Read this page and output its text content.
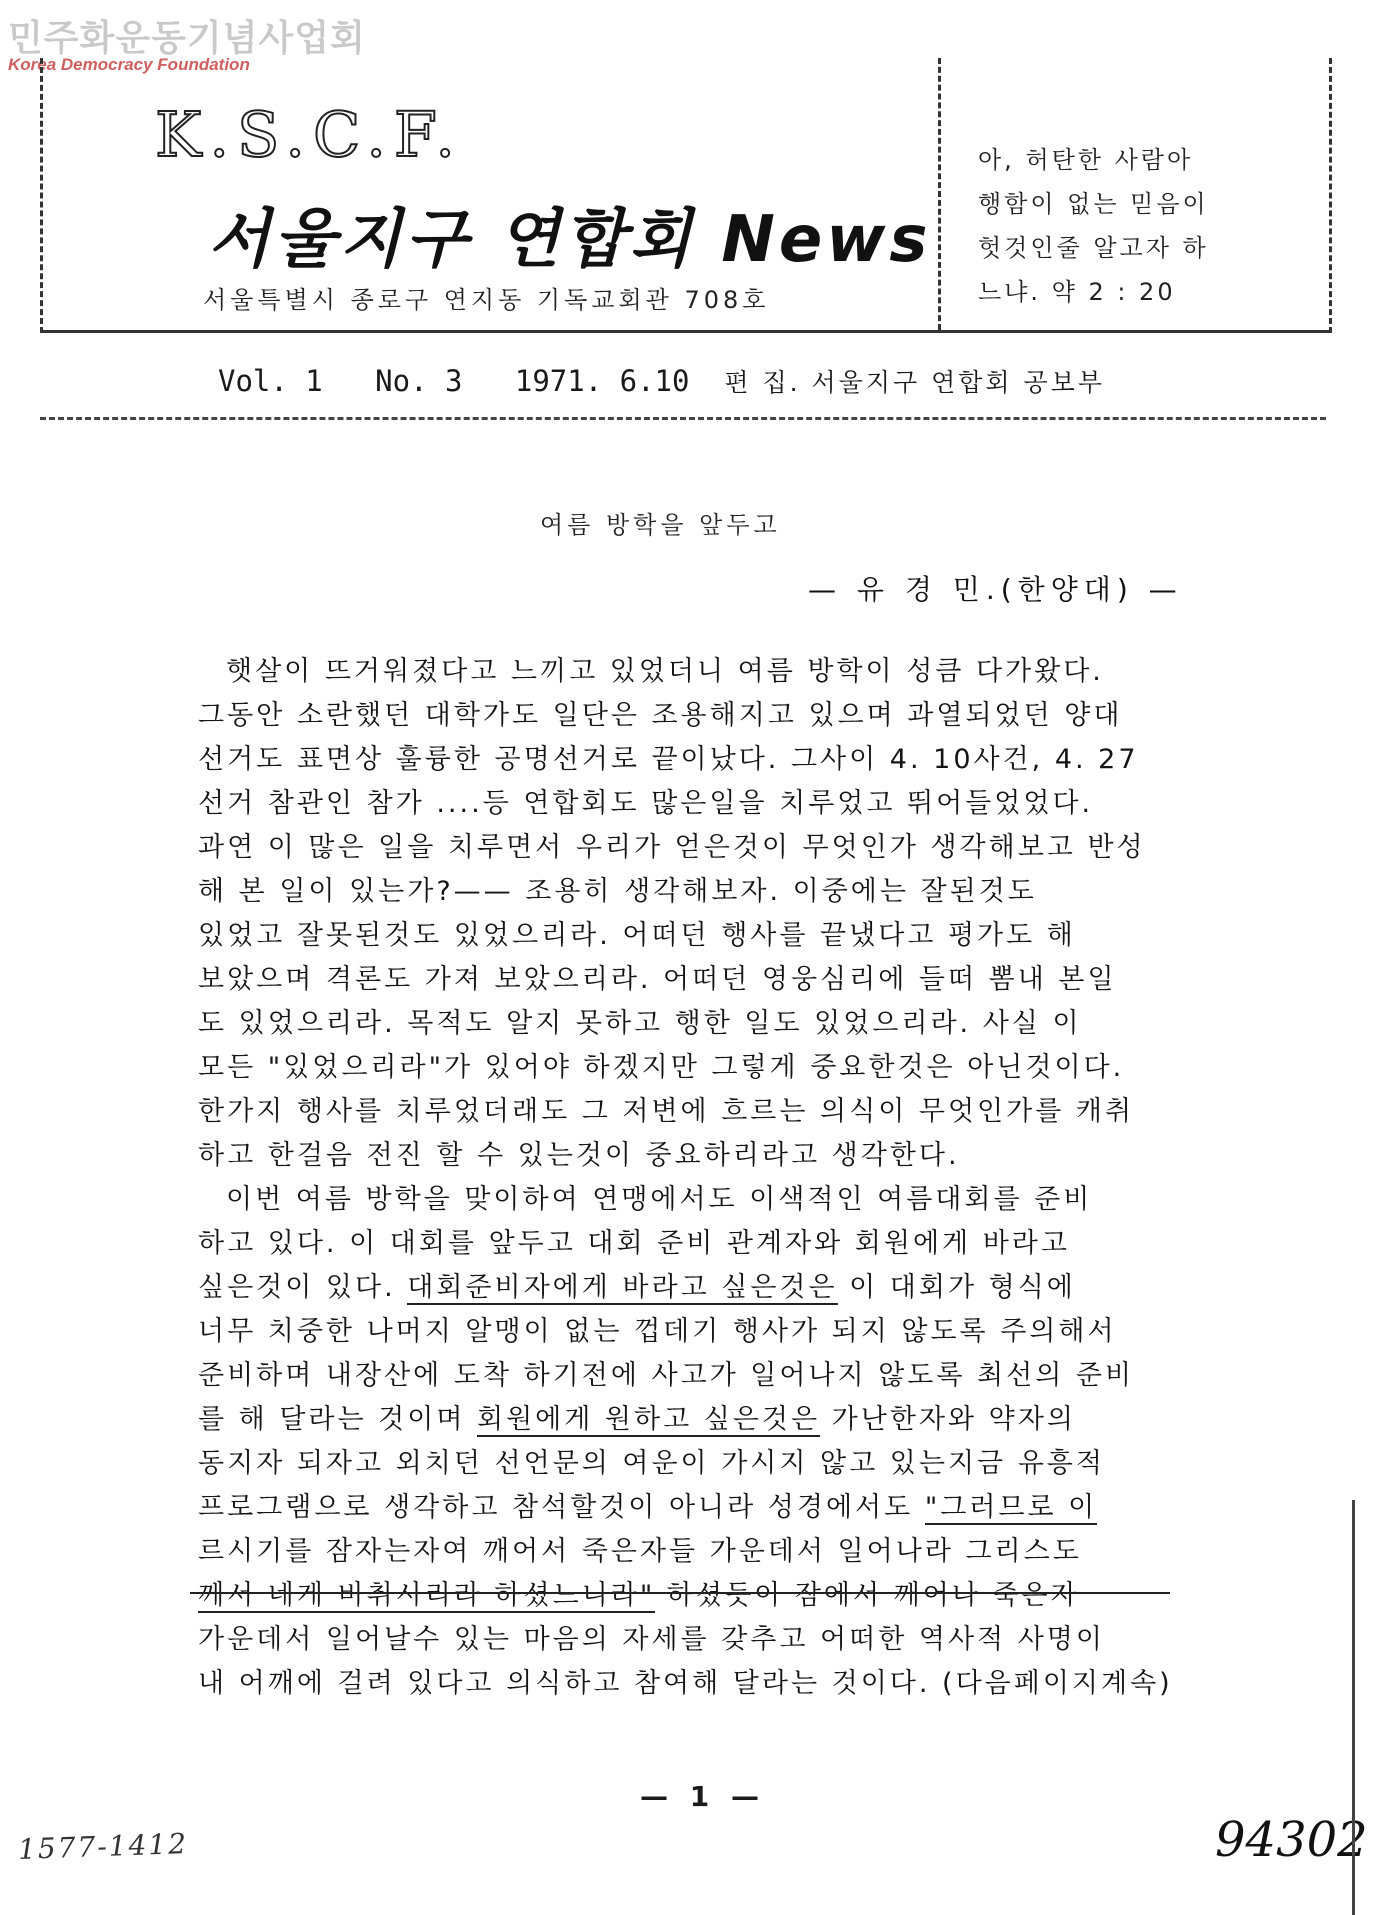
민주화운동기념사업회
Korea Democracy Foundation
K.S.C.F.
서울지구 연합회 News
서울특별시 종로구 연지동 기독교회관 708호
아, 허탄한 사람아
행함이 없는 믿음이
헛것인줄 알고자 하
느냐. 약 2 : 20
Vol. 1 No. 3 1971. 6.10 편 집. 서울지구 연합회 공보부
여름 방학을 앞두고
— 유 경 민.(한양대) —
햇살이 뜨거워졌다고 느끼고 있었더니 여름 방학이 성큼 다가왔다.
그동안 소란했던 대학가도 일단은 조용해지고 있으며 과열되었던 양대
선거도 표면상 훌륭한 공명선거로 끝이났다. 그사이 4. 10사건, 4. 27
선거 참관인 참가 ....등 연합회도 많은일을 치루었고 뛰어들었었다.
과연 이 많은 일을 치루면서 우리가 얻은것이 무엇인가 생각해보고 반성
해 본 일이 있는가?—— 조용히 생각해보자. 이중에는 잘된것도
있었고 잘못된것도 있었으리라. 어떠던 행사를 끝냈다고 평가도 해
보았으며 격론도 가져 보았으리라. 어떠던 영웅심리에 들떠 뽐내 본일
도 있었으리라. 목적도 알지 못하고 행한 일도 있었으리라. 사실 이
모든 "있었으리라"가 있어야 하겠지만 그렇게 중요한것은 아닌것이다.
한가지 행사를 치루었더래도 그 저변에 흐르는 의식이 무엇인가를 캐취
하고 한걸음 전진 할 수 있는것이 중요하리라고 생각한다.
이번 여름 방학을 맞이하여 연맹에서도 이색적인 여름대회를 준비
하고 있다. 이 대회를 앞두고 대회 준비 관계자와 회원에게 바라고
싶은것이 있다. 대회준비자에게 바라고 싶은것은 이 대회가 형식에
너무 치중한 나머지 알맹이 없는 껍데기 행사가 되지 않도록 주의해서
준비하며 내장산에 도착 하기전에 사고가 일어나지 않도록 최선의 준비
를 해 달라는 것이며 회원에게 원하고 싶은것은 가난한자와 약자의
동지자 되자고 외치던 선언문의 여운이 가시지 않고 있는지금 유흥적
프로그램으로 생각하고 참석할것이 아니라 성경에서도 "그러므로 이
르시기를 잠자는자여 깨어서 죽은자들 가운데서 일어나라 그리스도
께서 네게 비취시리라 하셨느니라" 하셨듯이 잠에서 깨어나 죽은자
가운데서 일어날수 있는 마음의 자세를 갖추고 어떠한 역사적 사명이
내 어깨에 걸려 있다고 의식하고 참여해 달라는 것이다. (다음페이지계속)
— 1 —
1577-1412	94302
